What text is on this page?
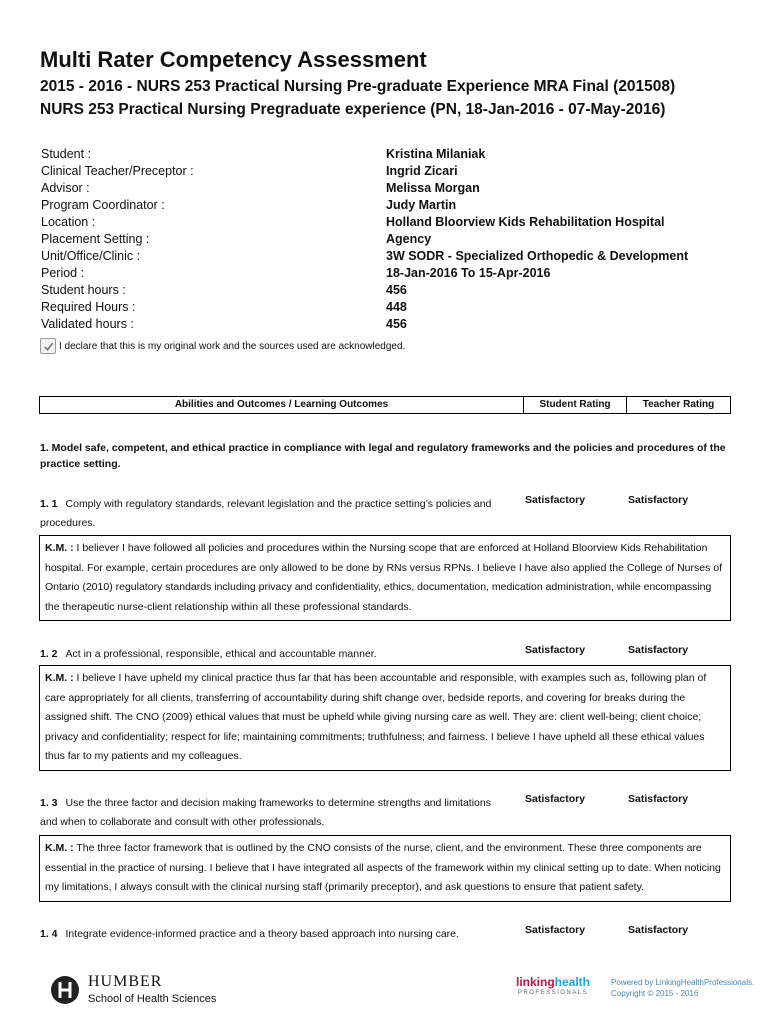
Multi Rater Competency Assessment
2015 - 2016 - NURS 253 Practical Nursing Pre-graduate Experience MRA Final (201508)
NURS 253 Practical Nursing Pregraduate experience (PN, 18-Jan-2016 - 07-May-2016)
Student :	Kristina Milaniak
Clinical Teacher/Preceptor :	Ingrid Zicari
Advisor :	Melissa Morgan
Program Coordinator :	Judy Martin
Location :	Holland Bloorview Kids Rehabilitation Hospital
Placement Setting :	Agency
Unit/Office/Clinic :	3W SODR - Specialized Orthopedic & Development
Period :	18-Jan-2016 To 15-Apr-2016
Student hours :	456
Required Hours :	448
Validated hours :	456
I declare that this is my original work and the sources used are acknowledged.
Abilities and Outcomes / Learning Outcomes	Student Rating	Teacher Rating
1. Model safe, competent, and ethical practice in compliance with legal and regulatory frameworks and the policies and procedures of the practice setting.
1. 1 Comply with regulatory standards, relevant legislation and the practice setting’s policies and procedures.
Satisfactory	Satisfactory
K.M. : I believer I have followed all policies and procedures within the Nursing scope that are enforced at Holland Bloorview Kids Rehabilitation hospital. For example, certain procedures are only allowed to be done by RNs versus RPNs. I believe I have also applied the College of Nurses of Ontario (2010) regulatory standards including privacy and confidentiality, ethics, documentation, medication administration, while encompassing the therapeutic nurse-client relationship within all these professional standards.
1. 2 Act in a professional, responsible, ethical and accountable manner.	Satisfactory	Satisfactory
K.M. : I believe I have upheld my clinical practice thus far that has been accountable and responsible, with examples such as, following plan of care appropriately for all clients, transferring of accountability during shift change over, bedside reports, and covering for breaks during the assigned shift. The CNO (2009) ethical values that must be upheld while giving nursing care as well. They are: client well-being; client choice; privacy and confidentiality; respect for life; maintaining commitments; truthfulness; and fairness. I believe I have upheld all these ethical values thus far to my patients and my colleagues.
1. 3 Use the three factor and decision making frameworks to determine strengths and limitations and when to collaborate and consult with other professionals.
Satisfactory	Satisfactory
K.M. : The three factor framework that is outlined by the CNO consists of the nurse, client, and the environment. These three components are essential in the practice of nursing. I believe that I have integrated all aspects of the framework within my clinical setting up to date. When noticing my limitations, I always consult with the clinical nursing staff (primarily preceptor), and ask questions to ensure that patient safety.
1. 4 Integrate evidence-informed practice and a theory based approach into nursing care.	Satisfactory	Satisfactory
HUMBER
School of Health Sciences
linkinghealth
PROFESSIONALS
Powered by LinkingHealthProfessionals.
Copyright © 2015 - 2016
